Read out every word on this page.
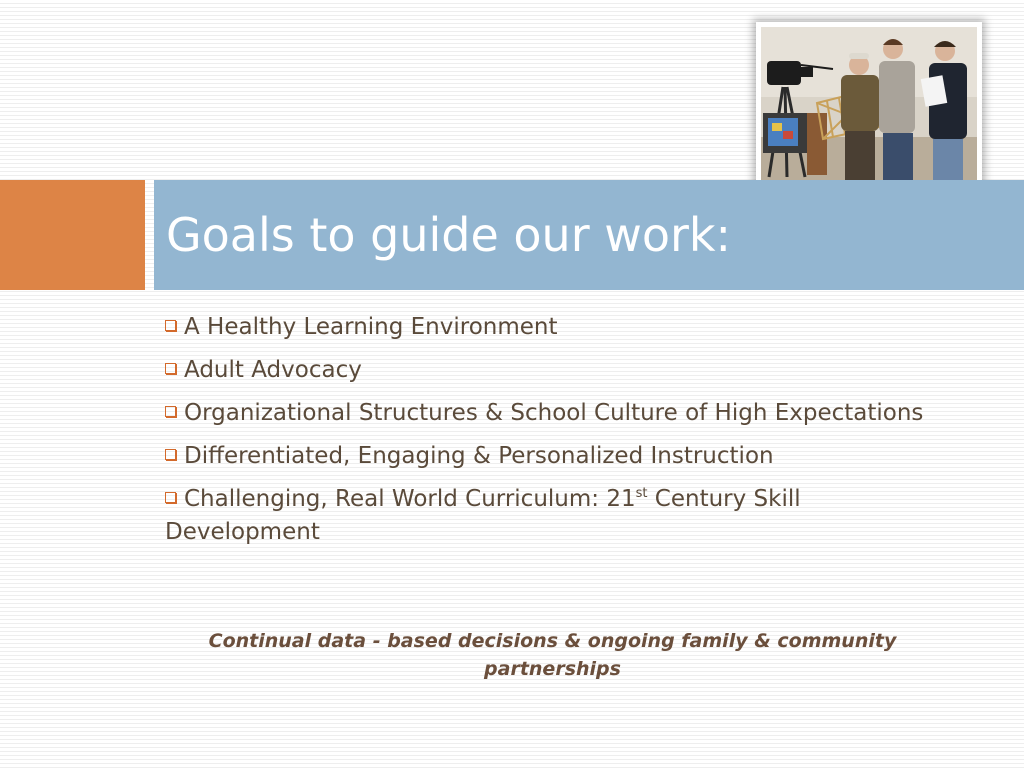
Goals to guide our work:
A Healthy Learning Environment
Adult Advocacy
Organizational Structures & School Culture of High Expectations
Differentiated, Engaging & Personalized Instruction
Challenging, Real World Curriculum: 21st Century Skill Development

Continual data - based decisions & ongoing family & community partnerships
